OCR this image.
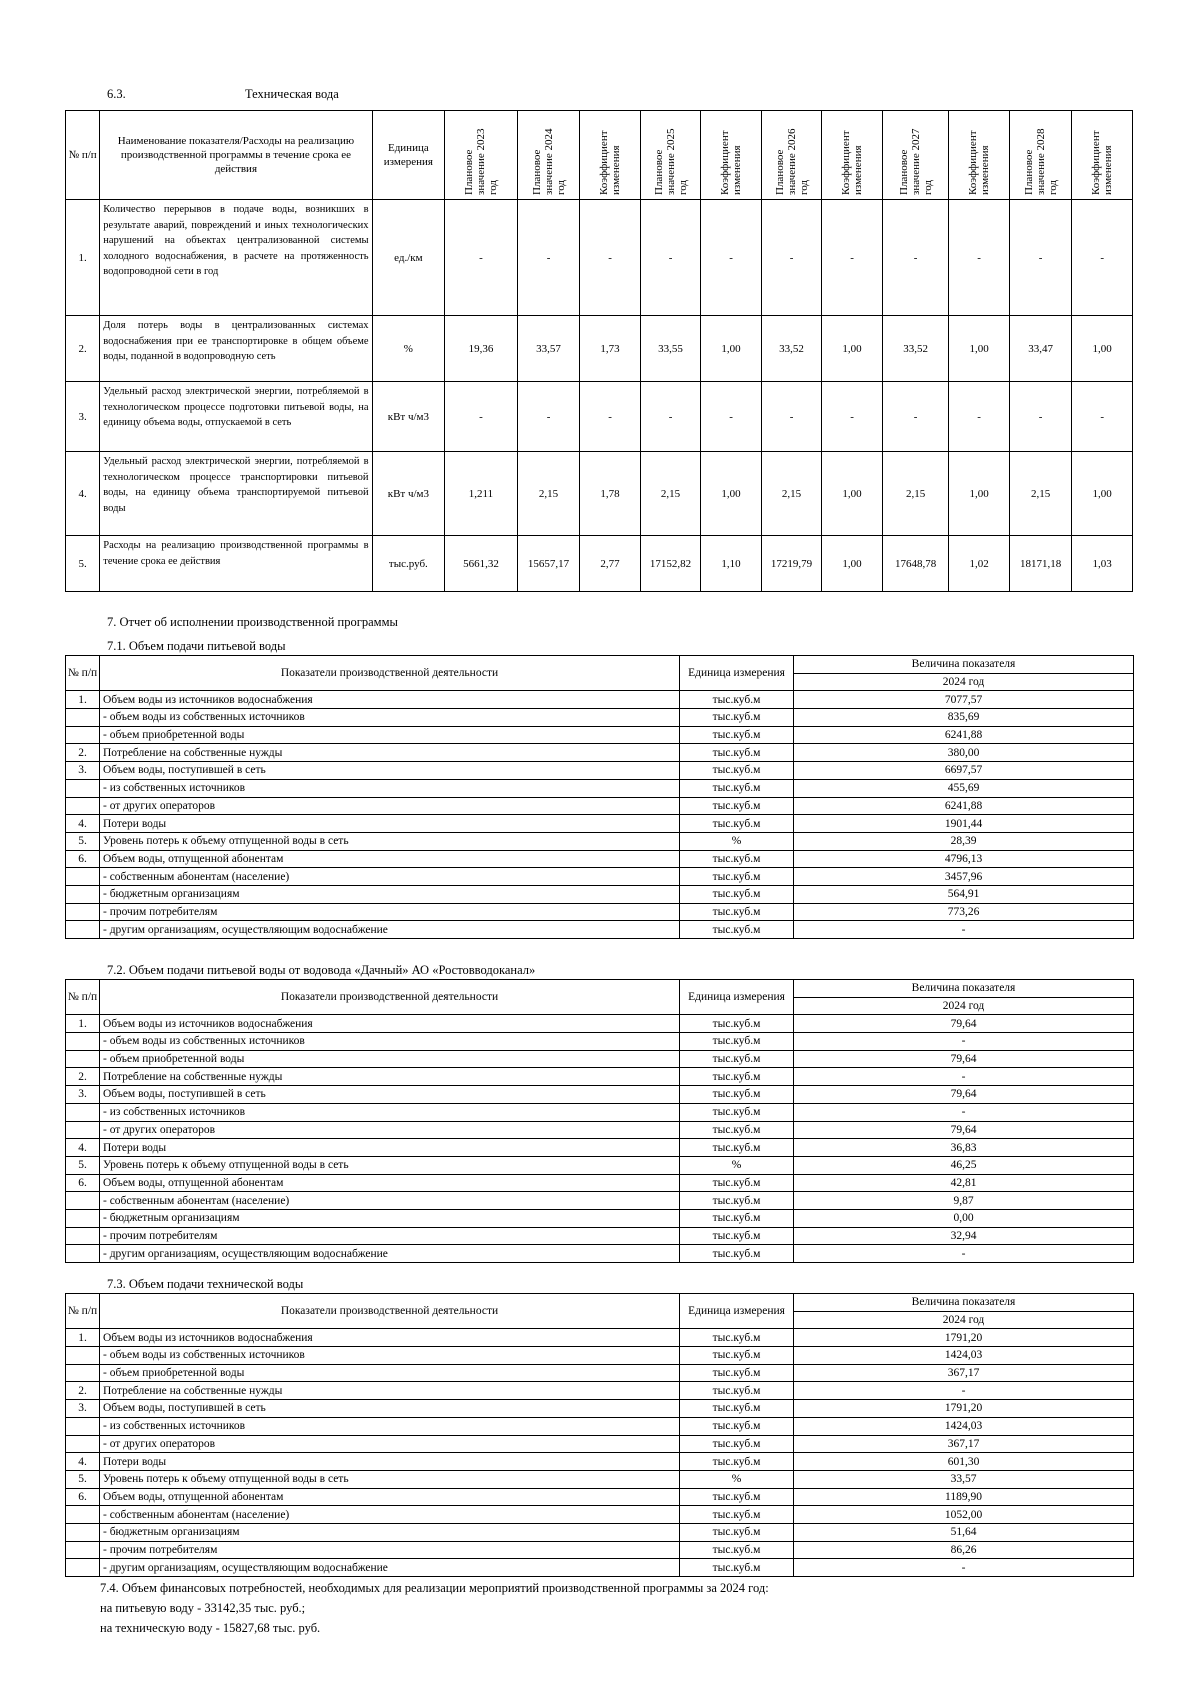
6.3.	Техническая вода
№ п/п	Наименование показателя/Расходы на реализацию производственной программы в течение срока ее действия	Единица измерения	Плановое значение 2023 год	Плановое значение 2024 год	Коэффициент изменения	Плановое значение 2025 год	Коэффициент изменения	Плановое значение 2026 год	Коэффициент изменения	Плановое значение 2027 год	Коэффициент изменения	Плановое значение 2028 год	Коэффициент изменения
1.	Количество перерывов в подаче воды, возникших в результате аварий, повреждений и иных технологических нарушений на объектах централизованной системы холодного водоснабжения, в расчете на протяженность водопроводной сети в год	ед./км	-	-	-	-	-	-	-	-	-	-	-
2.	Доля потерь воды в централизованных системах водоснабжения при ее транспортировке в общем объеме воды, поданной в водопроводную сеть	%	19,36	33,57	1,73	33,55	1,00	33,52	1,00	33,52	1,00	33,47	1,00
3.	Удельный расход электрической энергии, потребляемой в технологическом процессе подготовки питьевой воды, на единицу объема воды, отпускаемой в сеть	кВт ч/м3	-	-	-	-	-	-	-	-	-	-	-
4.	Удельный расход электрической энергии, потребляемой в технологическом процессе транспортировки питьевой воды, на единицу объема транспортируемой питьевой воды	кВт ч/м3	1,211	2,15	1,78	2,15	1,00	2,15	1,00	2,15	1,00	2,15	1,00
5.	Расходы на реализацию производственной программы в течение срока ее действия	тыс.руб.	5661,32	15657,17	2,77	17152,82	1,10	17219,79	1,00	17648,78	1,02	18171,18	1,03
7. Отчет об исполнении производственной программы
7.1. Объем подачи питьевой воды
№ п/п	Показатели производственной деятельности	Единица измерения	Величина показателя
			2024 год
1.	Объем воды из источников водоснабжения	тыс.куб.м	7077,57
	- объем воды из собственных источников	тыс.куб.м	835,69
	- объем приобретенной воды	тыс.куб.м	6241,88
2.	Потребление на собственные нужды	тыс.куб.м	380,00
3.	Объем воды, поступившей в сеть	тыс.куб.м	6697,57
	- из собственных источников	тыс.куб.м	455,69
	- от других операторов	тыс.куб.м	6241,88
4.	Потери воды	тыс.куб.м	1901,44
5.	Уровень потерь к объему отпущенной воды в сеть	%	28,39
6.	Объем воды, отпущенной абонентам	тыс.куб.м	4796,13
	- собственным абонентам (население)	тыс.куб.м	3457,96
	- бюджетным организациям	тыс.куб.м	564,91
	- прочим потребителям	тыс.куб.м	773,26
	- другим организациям, осуществляющим водоснабжение	тыс.куб.м	-
7.2. Объем подачи питьевой воды от водовода «Дачный» АО «Ростовводоканал»
№ п/п	Показатели производственной деятельности	Единица измерения	Величина показателя
			2024 год
1.	Объем воды из источников водоснабжения	тыс.куб.м	79,64
	- объем воды из собственных источников	тыс.куб.м	-
	- объем приобретенной воды	тыс.куб.м	79,64
2.	Потребление на собственные нужды	тыс.куб.м	-
3.	Объем воды, поступившей в сеть	тыс.куб.м	79,64
	- из собственных источников	тыс.куб.м	-
	- от других операторов	тыс.куб.м	79,64
4.	Потери воды	тыс.куб.м	36,83
5.	Уровень потерь к объему отпущенной воды в сеть	%	46,25
6.	Объем воды, отпущенной абонентам	тыс.куб.м	42,81
	- собственным абонентам (население)	тыс.куб.м	9,87
	- бюджетным организациям	тыс.куб.м	0,00
	- прочим потребителям	тыс.куб.м	32,94
	- другим организациям, осуществляющим водоснабжение	тыс.куб.м	-
7.3. Объем подачи технической воды
№ п/п	Показатели производственной деятельности	Единица измерения	Величина показателя
			2024 год
1.	Объем воды из источников водоснабжения	тыс.куб.м	1791,20
	- объем воды из собственных источников	тыс.куб.м	1424,03
	- объем приобретенной воды	тыс.куб.м	367,17
2.	Потребление на собственные нужды	тыс.куб.м	-
3.	Объем воды, поступившей в сеть	тыс.куб.м	1791,20
	- из собственных источников	тыс.куб.м	1424,03
	- от других операторов	тыс.куб.м	367,17
4.	Потери воды	тыс.куб.м	601,30
5.	Уровень потерь к объему отпущенной воды в сеть	%	33,57
6.	Объем воды, отпущенной абонентам	тыс.куб.м	1189,90
	- собственным абонентам (население)	тыс.куб.м	1052,00
	- бюджетным организациям	тыс.куб.м	51,64
	- прочим потребителям	тыс.куб.м	86,26
	- другим организациям, осуществляющим водоснабжение	тыс.куб.м	-
7.4. Объем финансовых потребностей, необходимых для реализации мероприятий производственной программы за 2024 год:
на питьевую воду - 33142,35 тыс. руб.;
на техническую воду - 15827,68 тыс. руб.
